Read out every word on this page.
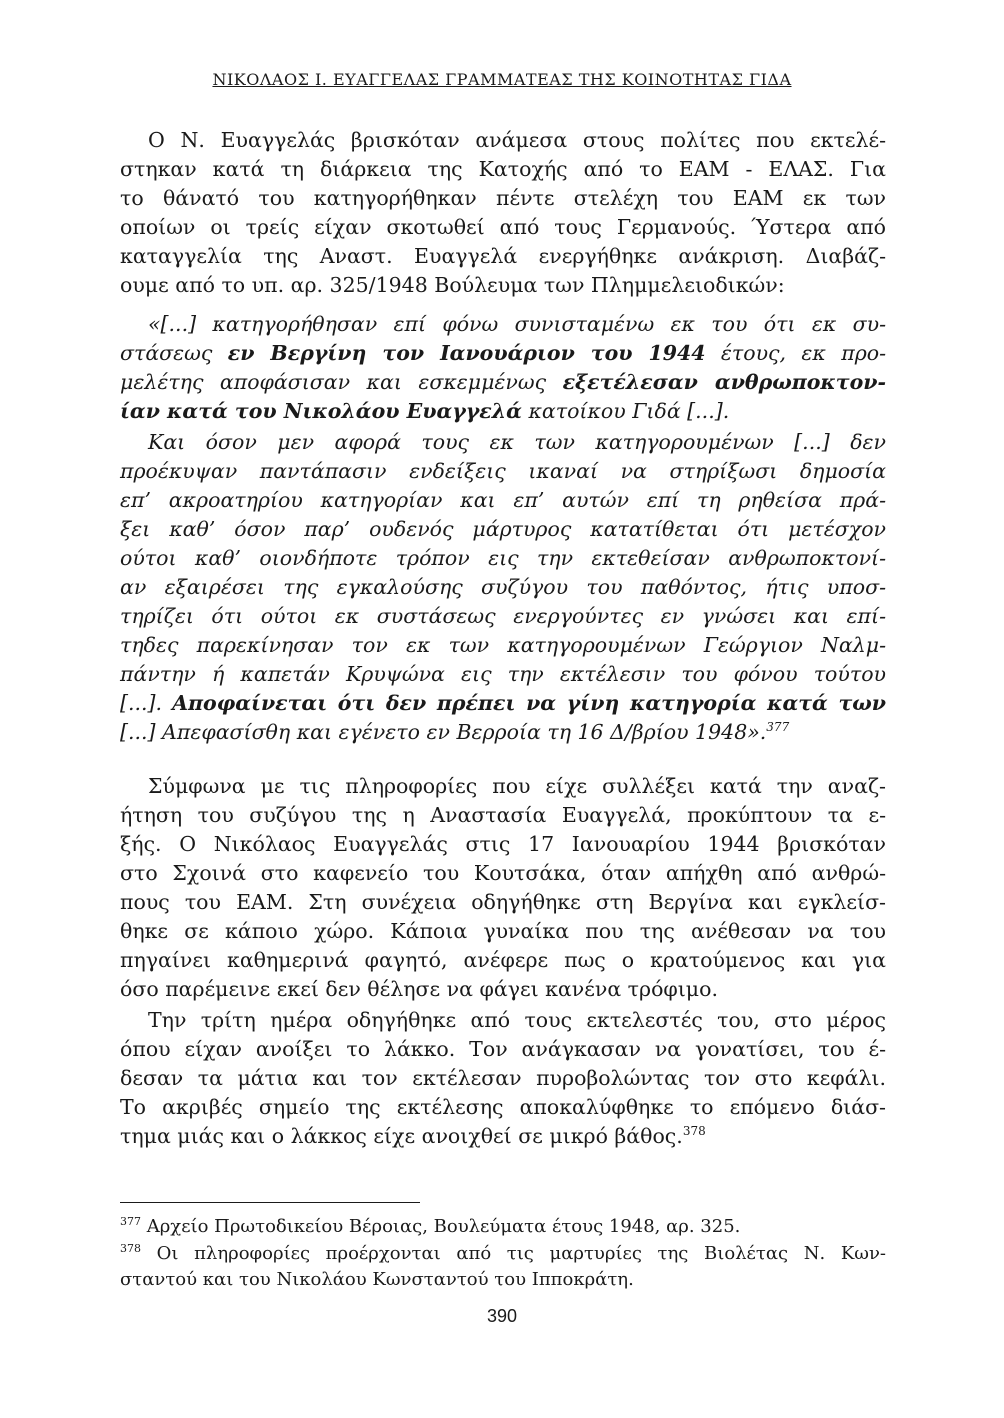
ΝΙΚΟΛΑΟΣ Ι. ΕΥΑΓΓΕΛΑΣ ΓΡΑΜΜΑΤΕΑΣ ΤΗΣ ΚΟΙΝΟΤΗΤΑΣ ΓΙΔΑ
Ο Ν. Ευαγγελάς βρισκόταν ανάμεσα στους πολίτες που εκτελέ-
στηκαν κατά τη διάρκεια της Κατοχής από το ΕΑΜ - ΕΛΑΣ. Για
το θάνατό του κατηγορήθηκαν πέντε στελέχη του ΕΑΜ εκ των
οποίων οι τρείς είχαν σκοτωθεί από τους Γερμανούς. Ύστερα από
καταγγελία της Αναστ. Ευαγγελά ενεργήθηκε ανάκριση. Διαβάζ-
ουμε από το υπ. αρ. 325/1948 Βούλευμα των Πλημμελειοδικών:
«[...] κατηγορήθησαν επί φόνω συνισταμένω εκ του ότι εκ συ-
στάσεως εν Βεργίνη τον Ιανουάριον του 1944 έτους, εκ προ-
μελέτης αποφάσισαν και εσκεμμένως εξετέλεσαν ανθρωποκτον-
ίαν κατά του Νικολάου Ευαγγελά κατοίκου Γιδά [...].
Και όσον μεν αφορά τους εκ των κατηγορουμένων [...] δεν
προέκυψαν παντάπασιν ενδείξεις ικαναί να στηρίξωσι δημοσία
επ’ ακροατηρίου κατηγορίαν και επ’ αυτών επί τη ρηθείσα πρά-
ξει καθ’ όσον παρ’ ουδενός μάρτυρος κατατίθεται ότι μετέσχον
ούτοι καθ’ οιονδήποτε τρόπον εις την εκτεθείσαν ανθρωποκτονί-
αν εξαιρέσει της εγκαλούσης συζύγου του παθόντος, ήτις υποσ-
τηρίζει ότι ούτοι εκ συστάσεως ενεργούντες εν γνώσει και επί-
τηδες παρεκίνησαν τον εκ των κατηγορουμένων Γεώργιον Ναλμ-
πάντην ή καπετάν Κρυψώνα εις την εκτέλεσιν του φόνου τούτου
[...]. Αποφαίνεται ότι δεν πρέπει να γίνη κατηγορία κατά των
[...] Απεφασίσθη και εγένετο εν Βερροία τη 16 Δ/βρίου 1948».$^{377}$
Σύμφωνα με τις πληροφορίες που είχε συλλέξει κατά την αναζ-
ήτηση του συζύγου της η Αναστασία Ευαγγελά, προκύπτουν τα ε-
ξής. Ο Νικόλαος Ευαγγελάς στις 17 Ιανουαρίου 1944 βρισκόταν
στο Σχοινά στο καφενείο του Κουτσάκα, όταν απήχθη από ανθρώ-
πους του ΕΑΜ. Στη συνέχεια οδηγήθηκε στη Βεργίνα και εγκλείσ-
θηκε σε κάποιο χώρο. Κάποια γυναίκα που της ανέθεσαν να του
πηγαίνει καθημερινά φαγητό, ανέφερε πως ο κρατούμενος και για
όσο παρέμεινε εκεί δεν θέλησε να φάγει κανένα τρόφιμο.
Την τρίτη ημέρα οδηγήθηκε από τους εκτελεστές του, στο μέρος
όπου είχαν ανοίξει το λάκκο. Τον ανάγκασαν να γονατίσει, του έ-
δεσαν τα μάτια και τον εκτέλεσαν πυροβολώντας τον στο κεφάλι.
Το ακριβές σημείο της εκτέλεσης αποκαλύφθηκε το επόμενο διάσ-
τημα μιάς και ο λάκκος είχε ανοιχθεί σε μικρό βάθος.$^{378}$
$^{377}$ Αρχείο Πρωτοδικείου Βέροιας, Βουλεύματα έτους 1948, αρ. 325.
$^{378}$ Οι πληροφορίες προέρχονται από τις μαρτυρίες της Βιολέτας Ν. Κων-
σταντού και του Νικολάου Κωνσταντού του Ιπποκράτη.
390
